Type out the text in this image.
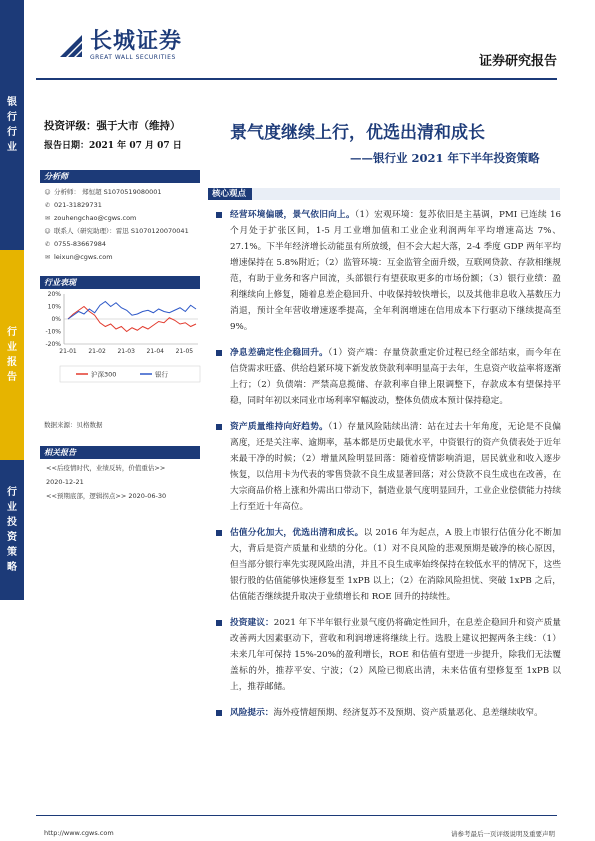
银
行
行
业
行
业
报
告
行
业
投
资
策
略
长城证券
GREAT WALL SECURITIES	证券研究报告
投资评级：强于大市（维持）
报告日期：2021 年 07 月 07 日
分析师
☺ 分析师： 郑恒超 S1070519080001
✆ 021-31829731
✉ zouhengchao@cgws.com
☺ 联系人（研究助理）：雷迅 S1070120070041
✆ 0755-83667984
✉ leixun@cgws.com
行业表现
20%
10%
0%
-10%
-20%
21-01 21-02 21-03 21-04 21-05
沪深300	银行
数据来源：贝格数据
相关报告
<<后疫情时代，业绩反转，价值重估>>
2020-12-21
<<预期底部，逻辑拐点>> 2020-06-30
景气度继续上行，优选出清和成长
——银行业 2021 年下半年投资策略
核心观点
经营环境偏暖，景气依旧向上。（1）宏观环境：复苏依旧是主基调，PMI 已连续 16 个月处于扩张区间，1-5 月工业增加值和工业企业利润两年平均增速高达 7%、27.1%。下半年经济增长动能虽有所放缓，但不会大起大落，2-4 季度 GDP 两年平均增速保持在 5.8%附近；（2）监管环境：互金监管全面升级，互联网贷款、存款相继规范，有助于业务和客户回流，头部银行有望获取更多的市场份额；（3）银行业绩：盈利继续向上修复，随着息差企稳回升、中收保持较快增长，以及其他非息收入基数压力消退，预计全年营收增速逐季提高，全年利润增速在信用成本下行驱动下继续提高至 9%。
净息差确定性企稳回升。（1）资产端：存量贷款重定价过程已经全部结束，而今年在信贷需求旺盛、供给趋紧环境下新发放贷款利率明显高于去年，生息资产收益率将逐渐上行；（2）负债端：严禁高息揽储、存款利率自律上限调整下，存款成本有望保持平稳，同时年初以来同业市场利率窄幅波动，整体负债成本预计保持稳定。
资产质量维持向好趋势。（1）存量风险陆续出清：站在过去十年角度，无论是不良偏离度，还是关注率、逾期率，基本都是历史最优水平，中资银行的资产负债表处于近年来最干净的时候；（2）增量风险明显回落：随着疫情影响消退，居民就业和收入逐步恢复，以信用卡为代表的零售贷款不良生成显著回落；对公贷款不良生成也在改善，在大宗商品价格上涨和外需出口带动下，制造业景气度明显回升，工业企业偿债能力持续上行至近十年高位。
估值分化加大，优选出清和成长。以 2016 年为起点，A 股上市银行估值分化不断加大，背后是资产质量和业绩的分化。（1）对不良风险的悲观预期是破净的核心原因，但当部分银行率先实现风险出清，并且不良生成率始终保持在较低水平的情况下，这些银行股的估值能够快速修复至 1xPB 以上；（2）在消除风险担忧、突破 1xPB 之后，估值能否继续提升取决于业绩增长和 ROE 回升的持续性。
投资建议：2021 年下半年银行业景气度仍将确定性回升，在息差企稳回升和资产质量改善两大因素驱动下，营收和利润增速将继续上行。选股上建议把握两条主线：（1）未来几年可保持 15%-20%的盈利增长，ROE 和估值有望进一步提升，除我们无法覆盖标的外，推荐平安、宁波；（2）风险已彻底出清，未来估值有望修复至 1xPB 以上，推荐邮储。
风险提示：海外疫情超预期、经济复苏不及预期、资产质量恶化、息差继续收窄。
http://www.cgws.com	请参考最后一页评级说明及重要声明
